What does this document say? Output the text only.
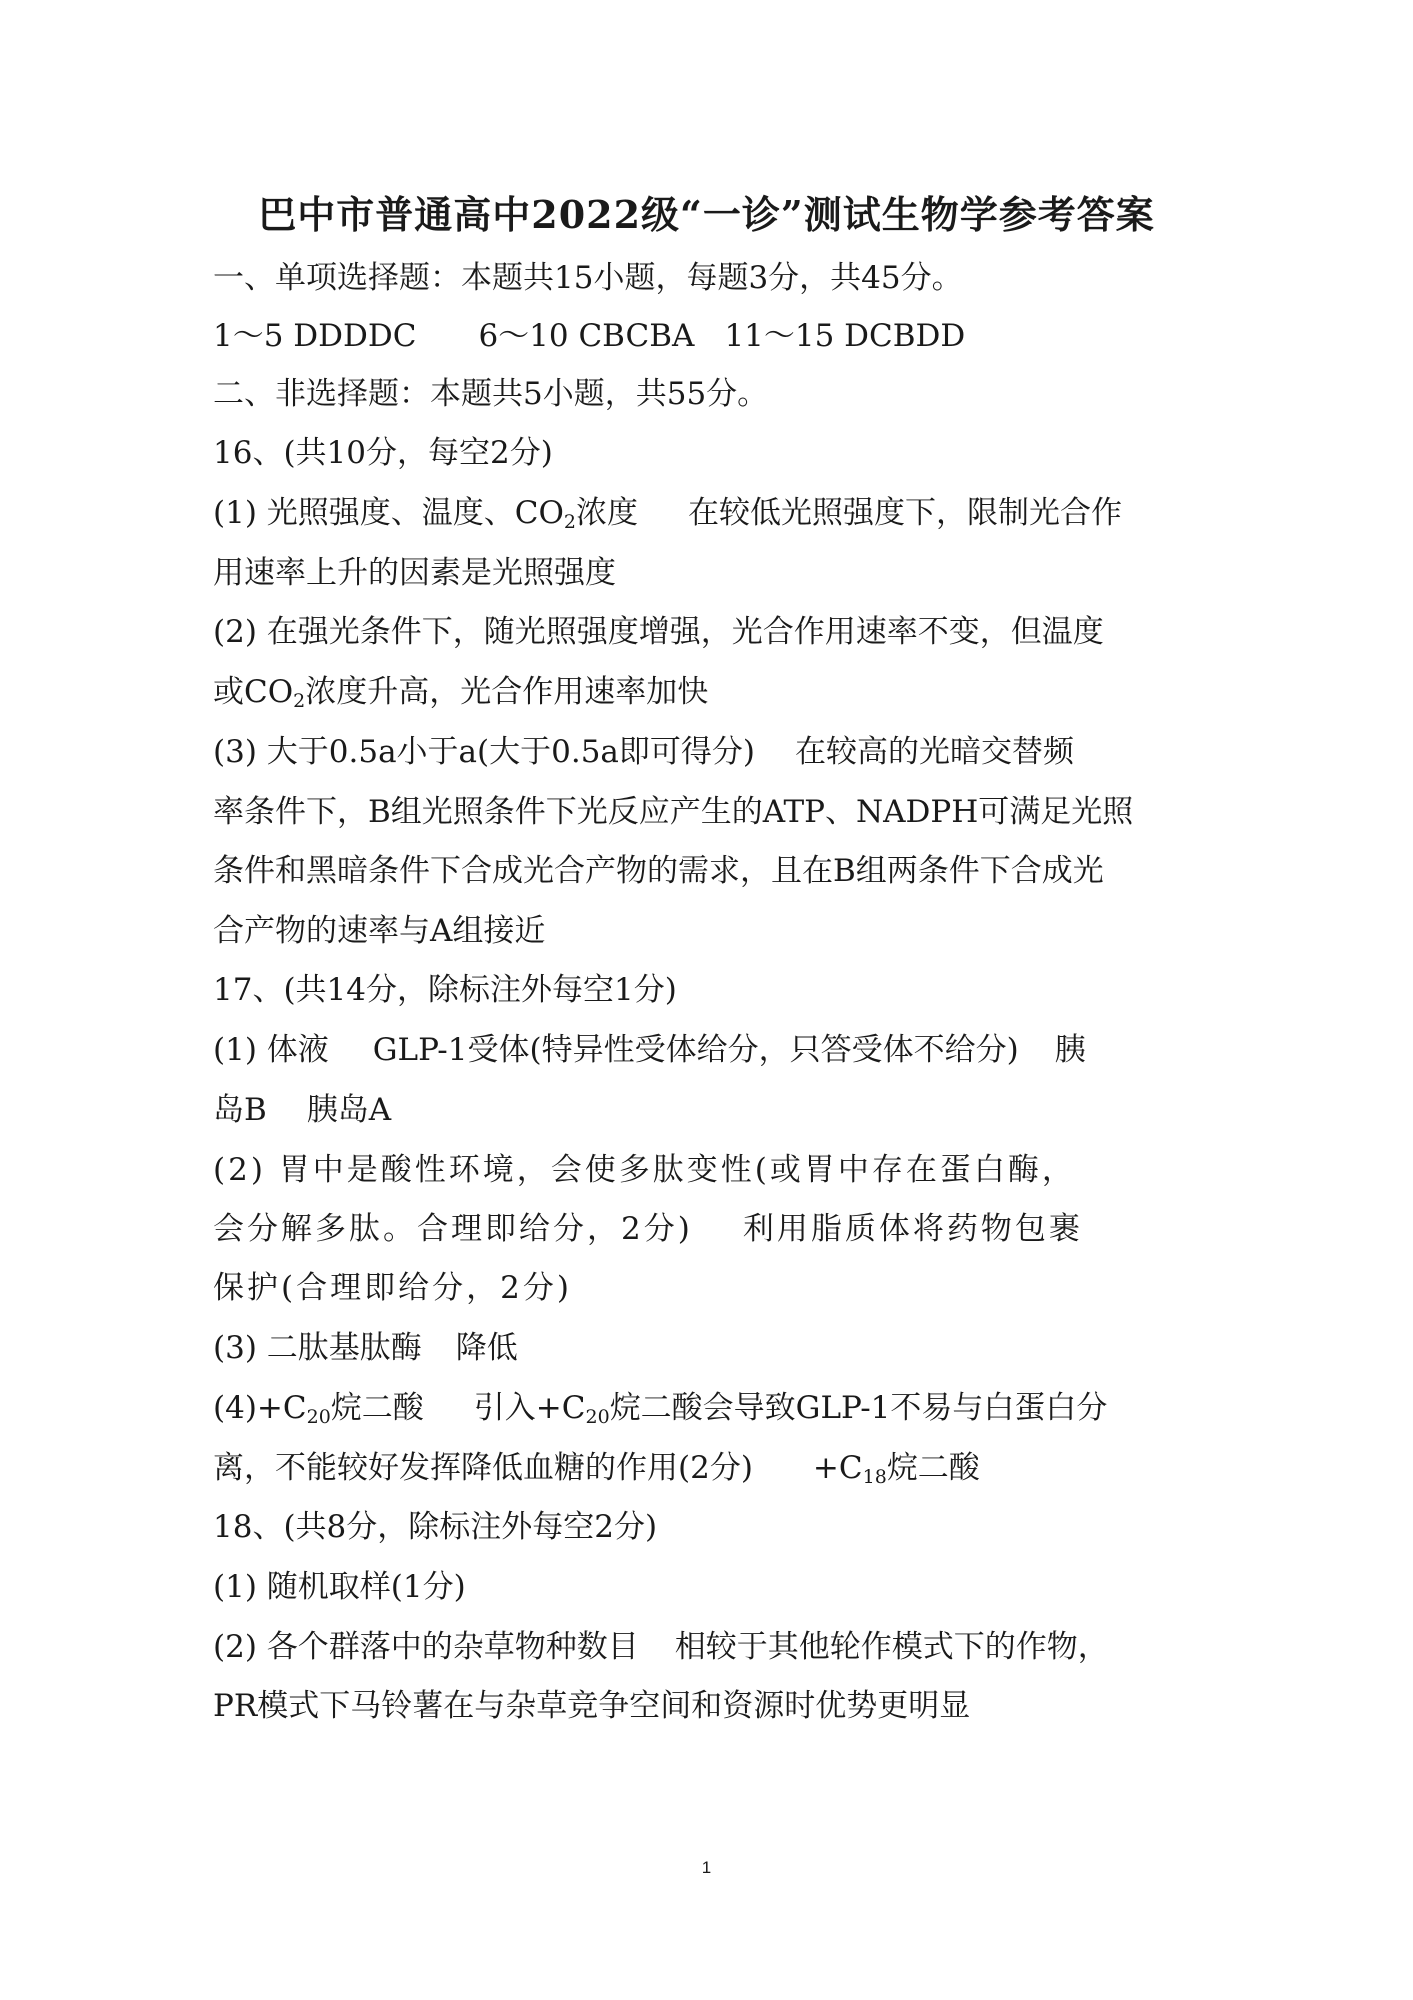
巴中市普通高中2022级“一诊”测试生物学参考答案
一、单项选择题：本题共15小题，每题3分，共45分。
1～5 DDDDC 6～10 CBCBA 11～15 DCBDD
二、非选择题：本题共5小题，共55分。
16、(共10分，每空2分)
(1) 光照强度、温度、$CO_2$浓度 在较低光照强度下，限制光合作
用速率上升的因素是光照强度
(2) 在强光条件下，随光照强度增强，光合作用速率不变，但温度
或$CO_2$浓度升高，光合作用速率加快
(3) 大于0.5a小于a(大于0.5a即可得分) 在较高的光暗交替频
率条件下，B组光照条件下光反应产生的ATP、NADPH可满足光照
条件和黑暗条件下合成光合产物的需求，且在B组两条件下合成光
合产物的速率与A组接近
17、(共14分，除标注外每空1分)
(1) 体液 GLP-1受体(特异性受体给分，只答受体不给分) 胰
岛B 胰岛A
(2) 胃中是酸性环境，会使多肽变性(或胃中存在蛋白酶，
会分解多肽。合理即给分，2分) 利用脂质体将药物包裹
保护(合理即给分，2分)
(3) 二肽基肽酶 降低
$(4)+C_{20}$烷二酸 引入$+C_{20}$烷二酸会导致GLP-1不易与白蛋白分
离，不能较好发挥降低血糖的作用(2分) $+C_{18}$烷二酸
18、(共8分，除标注外每空2分)
(1) 随机取样(1分)
(2) 各个群落中的杂草物种数目 相较于其他轮作模式下的作物，
PR模式下马铃薯在与杂草竞争空间和资源时优势更明显
1
